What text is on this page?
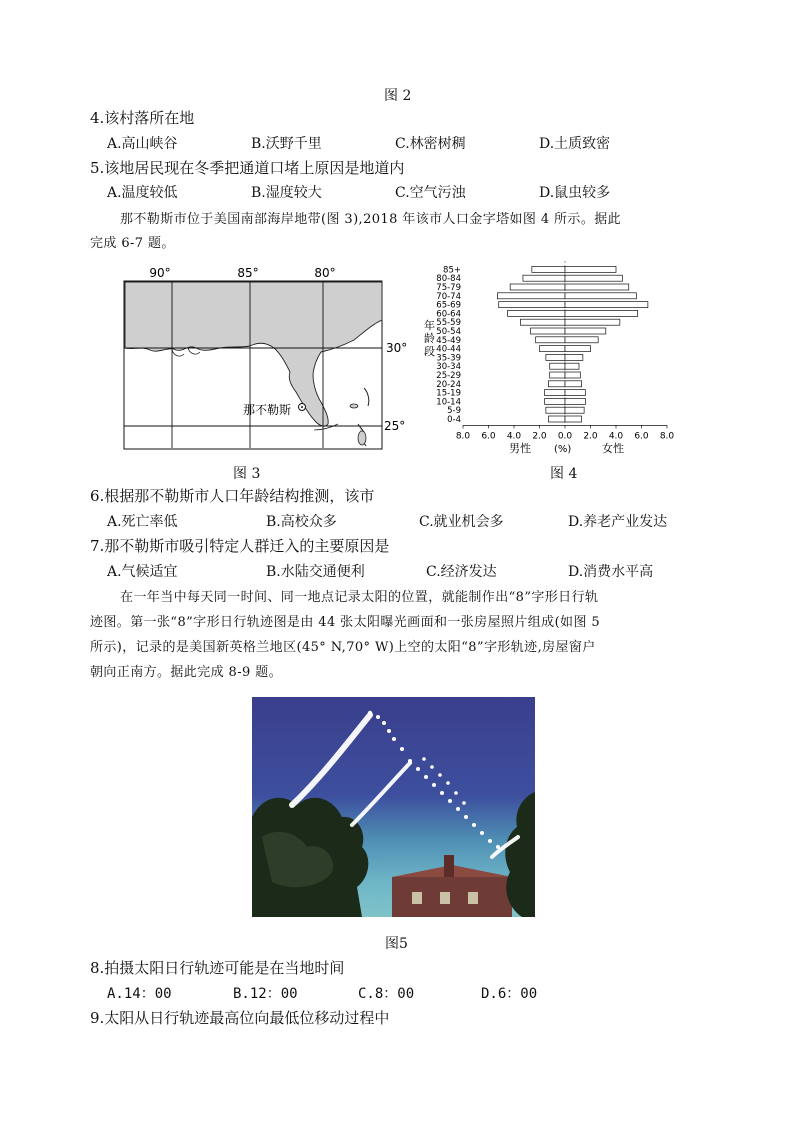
图 2
4.该村落所在地
A.高山峡谷	B.沃野千里	C.林密树稠	D.土质致密
5.该地居民现在冬季把通道口堵上原因是地道内
A.温度较低	B.湿度较大	C.空气污浊	D.鼠虫较多
那不勒斯市位于美国南部海岸地带(图 3),2018 年该市人口金字塔如图 4 所示。据此
完成 6-7 题。
90°	85°	80°
30°
25°
那不勒斯
图 3
0-4
5-9
10-14
15-19
20-24
25-29
30-34
35-39
40-44
45-49
50-54
55-59
60-64
65-69
70-74
75-79
80-84
85+
8.0 6.0 4.0 2.0 0.0 2.0 4.0 6.0 8.0
年
龄
段
男性 (%)	女性
图 4
6.根据那不勒斯市人口年龄结构推测，该市
A.死亡率低	B.高校众多	C.就业机会多	D.养老产业发达
7.那不勒斯市吸引特定人群迁入的主要原因是
A.气候适宜	B.水陆交通便利	C.经济发达	D.消费水平高
在一年当中每天同一时间、同一地点记录太阳的位置，就能制作出“8”字形日行轨
迹图。第一张“8”字形日行轨迹图是由 44 张太阳曝光画面和一张房屋照片组成(如图 5
所示)，记录的是美国新英格兰地区(45° N,70° W)上空的太阳“8”字形轨迹,房屋窗户
朝向正南方。据此完成 8-9 题。
图5
8.拍摄太阳日行轨迹可能是在当地时间
A.14：00	B.12：00	C.8：00	D.6：00
9.太阳从日行轨迹最高位向最低位移动过程中
